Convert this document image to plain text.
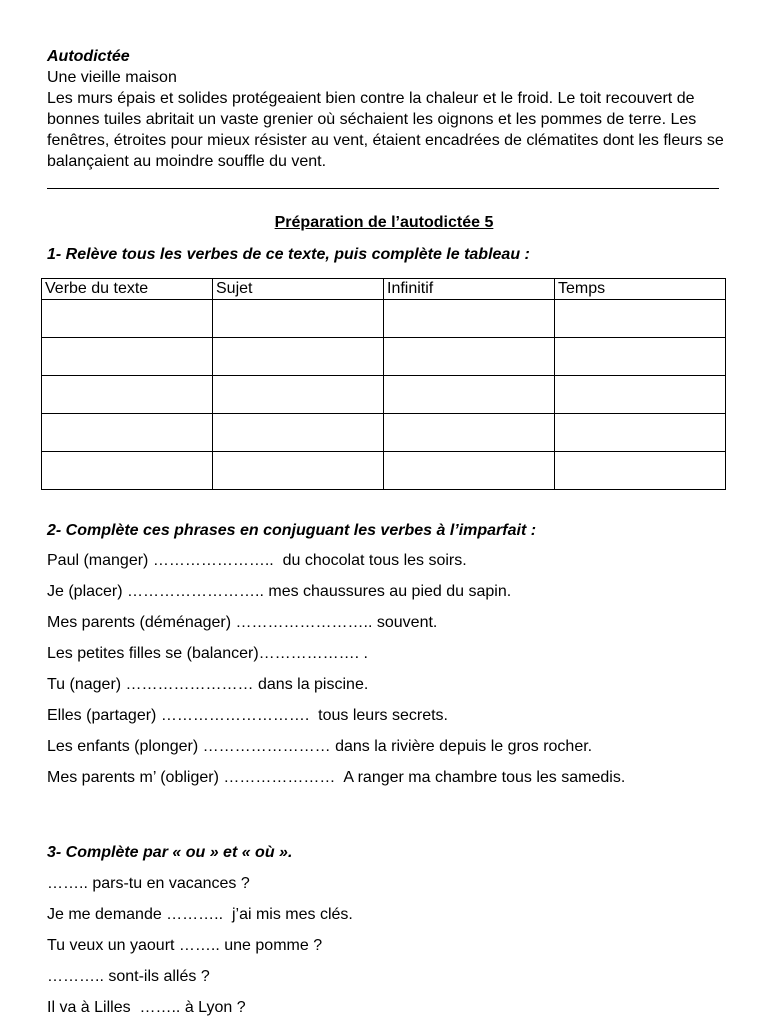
Autodictée
Une vieille maison
Les murs épais et solides protégeaient bien contre la chaleur et le froid. Le toit recouvert de bonnes tuiles abritait un vaste grenier où séchaient les oignons et les pommes de terre. Les fenêtres, étroites pour mieux résister au vent, étaient encadrées de clématites dont les fleurs se balançaient au moindre souffle du vent.
Préparation de l’autodictée 5
1- Relève tous les verbes de ce texte, puis complète le tableau :
Verbe du texte	Sujet	Infinitif	Temps

2- Complète ces phrases en conjuguant les verbes à l’imparfait :
Paul (manger) …………………..  du chocolat tous les soirs.
Je (placer) …………………….. mes chaussures au pied du sapin.
Mes parents (déménager) …………………….. souvent.
Les petites filles se (balancer)………………. .
Tu (nager) …………………… dans la piscine.
Elles (partager) ……………………….  tous leurs secrets.
Les enfants (plonger) …………………… dans la rivière depuis le gros rocher.
Mes parents m’ (obliger) …………………  A ranger ma chambre tous les samedis.
3- Complète par « ou » et « où ».
…….. pars-tu en vacances ?
Je me demande ………..  j’ai mis mes clés.
Tu veux un yaourt …….. une pomme ?
……….. sont-ils allés ?
Il va à Lilles  …….. à Lyon ?
